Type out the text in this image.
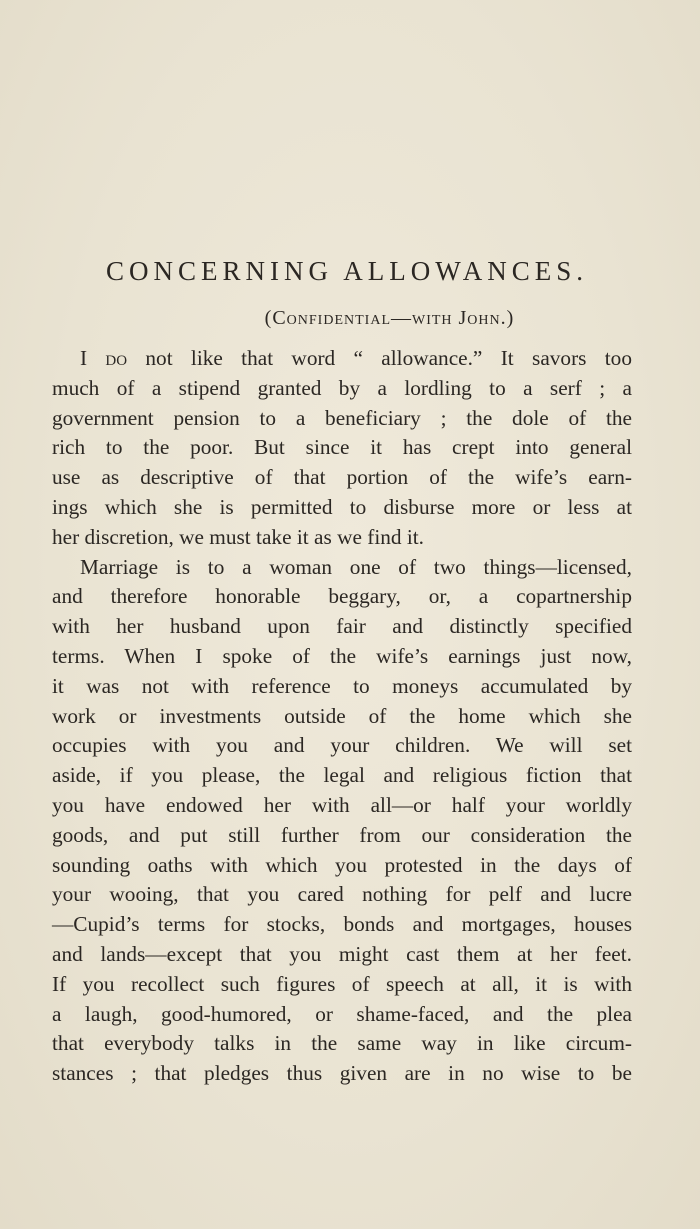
CONCERNING ALLOWANCES.
(Confidential—with John.)
I do not like that word “ allowance.” It savors too
much of a stipend granted by a lordling to a serf ; a
government pension to a beneficiary ; the dole of the
rich to the poor. But since it has crept into general
use as descriptive of that portion of the wife’s earn-
ings which she is permitted to disburse more or less at
her discretion, we must take it as we find it.
Marriage is to a woman one of two things—licensed,
and therefore honorable beggary, or, a copartnership
with her husband upon fair and distinctly specified
terms. When I spoke of the wife’s earnings just now,
it was not with reference to moneys accumulated by
work or investments outside of the home which she
occupies with you and your children. We will set
aside, if you please, the legal and religious fiction that
you have endowed her with all—or half your worldly
goods, and put still further from our consideration the
sounding oaths with which you protested in the days of
your wooing, that you cared nothing for pelf and lucre
—Cupid’s terms for stocks, bonds and mortgages, houses
and lands—except that you might cast them at her feet.
If you recollect such figures of speech at all, it is with
a laugh, good-humored, or shame-faced, and the plea
that everybody talks in the same way in like circum-
stances ; that pledges thus given are in no wise to be
